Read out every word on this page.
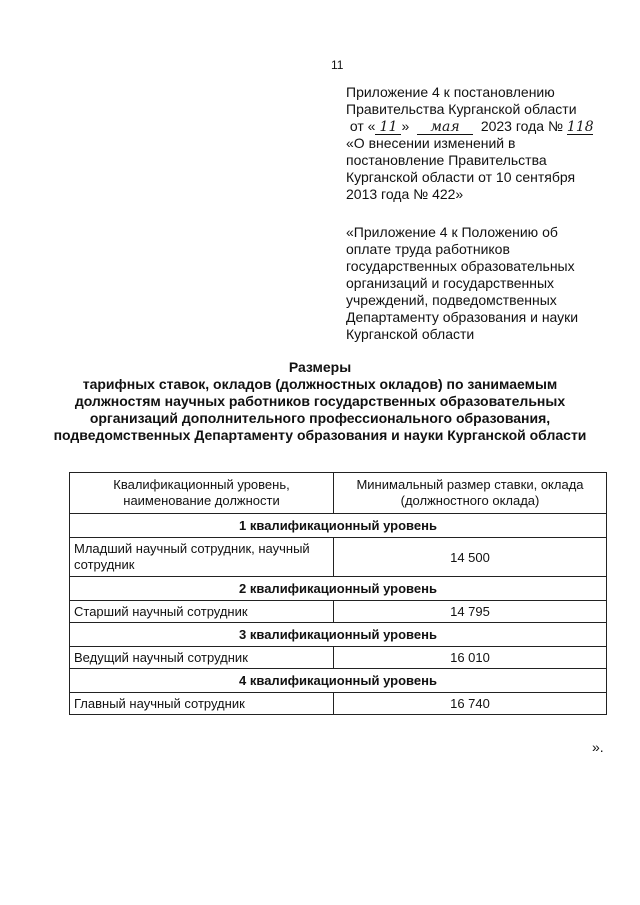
11

Приложение 4 к постановлению

Правительства Курганской области

от « 11 » мая 2023 года № 118

«О внесении изменений в

постановление Правительства

Курганской области от 10 сентября

2013 года № 422»

«Приложение 4 к Положению об

оплате труда работников

государственных образовательных

организаций и государственных

учреждений, подведомственных

Департаменту образования и науки

Курганской области

Размеры
тарифных ставок, окладов (должностных окладов) по занимаемым
должностям научных работников государственных образовательных
организаций дополнительного профессионального образования,
подведомственных Департаменту образования и науки Курганской области
Квалификационный уровень, наименование должности	Минимальный размер ставки, оклада (должностного оклада)
1 квалификационный уровень	
Младший научный сотрудник, научный сотрудник	14 500
2 квалификационный уровень	
Старший научный сотрудник	14 795
3 квалификационный уровень	
Ведущий научный сотрудник	16 010
4 квалификационный уровень	
Главный научный сотрудник	16 740
».
